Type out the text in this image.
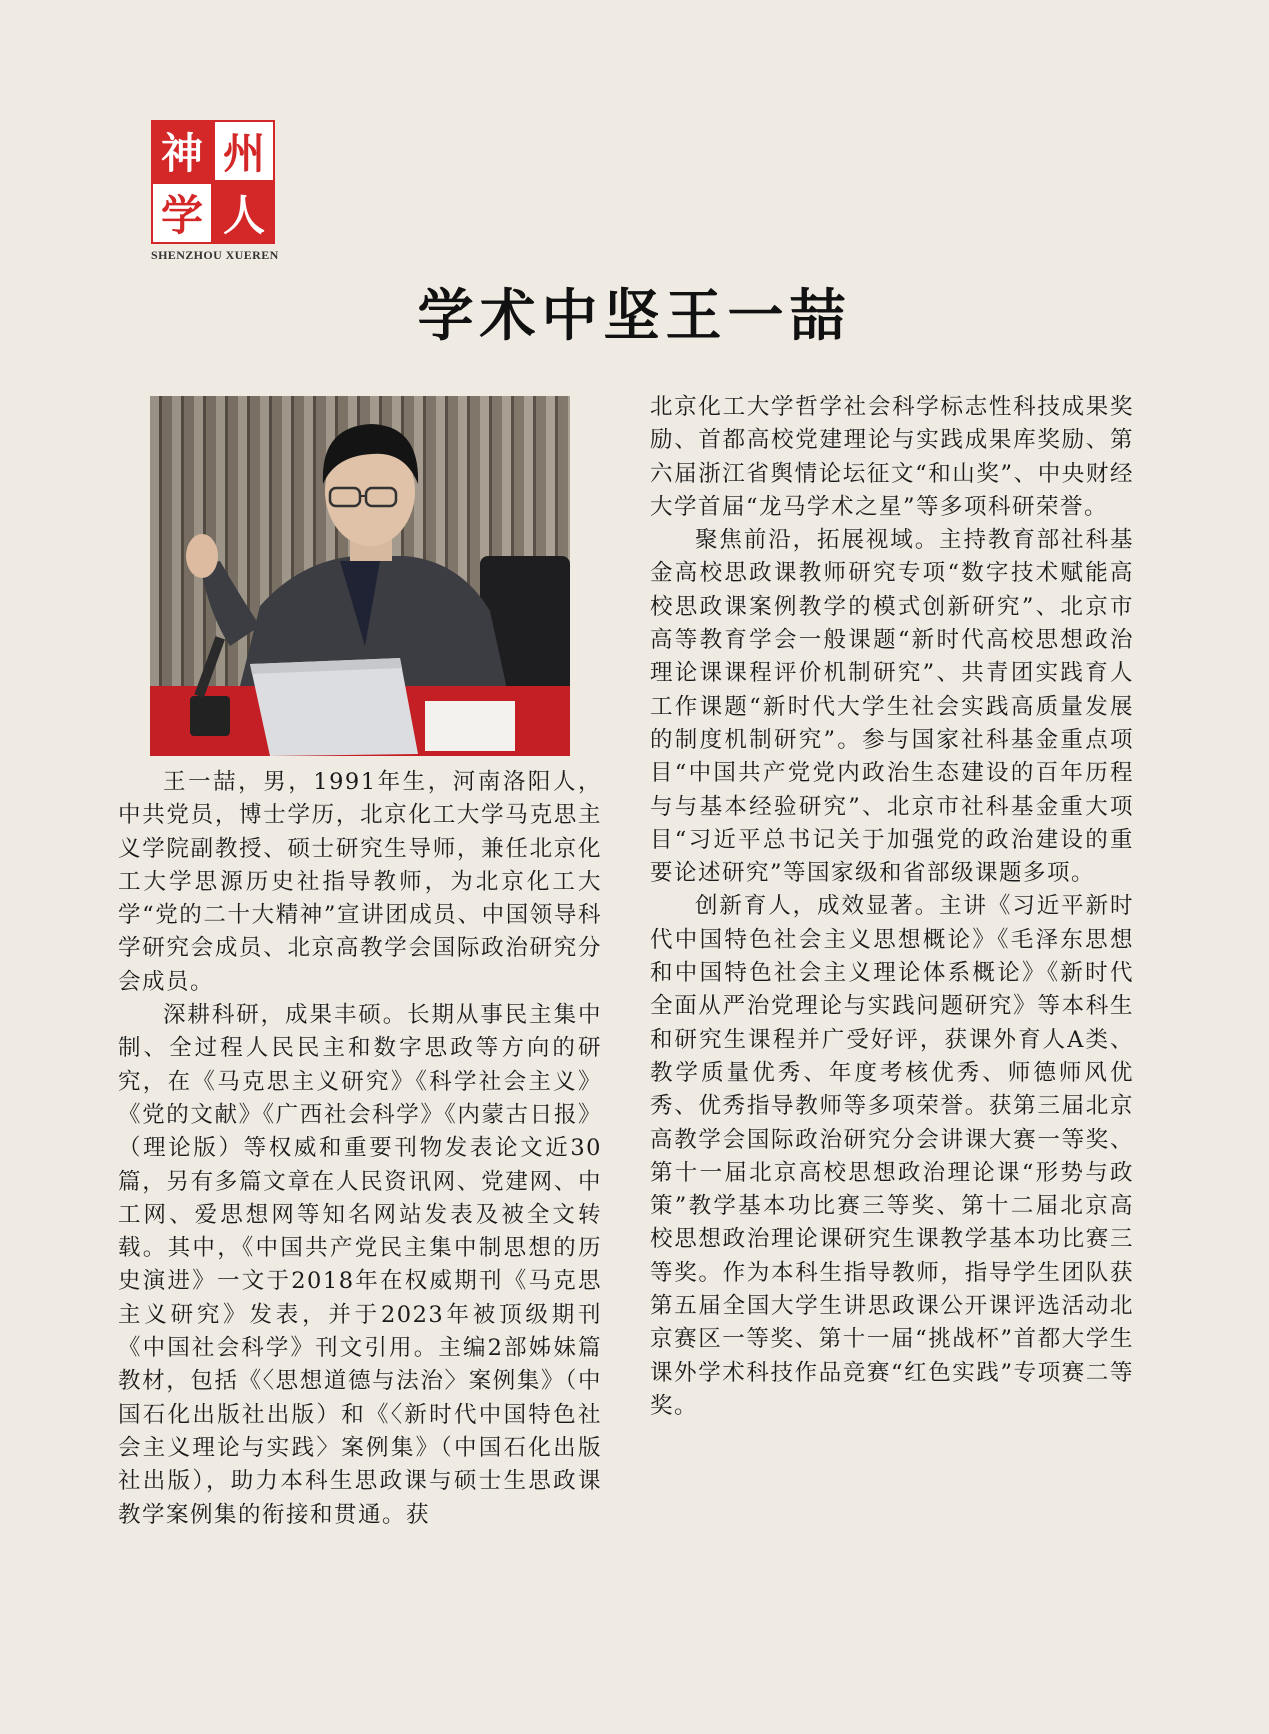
神 州
学 人
SHENZHOU XUEREN
学术中坚王一喆

王一喆，男，1991年生，河南洛阳人，中共党员，博士学历，北京化工大学马克思主义学院副教授、硕士研究生导师，兼任北京化工大学思源历史社指导教师，为北京化工大学“党的二十大精神”宣讲团成员、中国领导科学研究会成员、北京高教学会国际政治研究分会成员。

深耕科研，成果丰硕。长期从事民主集中制、全过程人民民主和数字思政等方向的研究，在《马克思主义研究》《科学社会主义》《党的文献》《广西社会科学》《内蒙古日报》（理论版）等权威和重要刊物发表论文近30篇，另有多篇文章在人民资讯网、党建网、中工网、爱思想网等知名网站发表及被全文转载。其中，《中国共产党民主集中制思想的历史演进》一文于2018年在权威期刊《马克思主义研究》发表，并于2023年被顶级期刊《中国社会科学》刊文引用。主编2部姊妹篇教材，包括《〈思想道德与法治〉案例集》（中国石化出版社出版）和《〈新时代中国特色社会主义理论与实践〉案例集》（中国石化出版社出版），助力本科生思政课与硕士生思政课教学案例集的衔接和贯通。获

北京化工大学哲学社会科学标志性科技成果奖励、首都高校党建理论与实践成果库奖励、第六届浙江省舆情论坛征文“和山奖”、中央财经大学首届“龙马学术之星”等多项科研荣誉。

聚焦前沿，拓展视域。主持教育部社科基金高校思政课教师研究专项“数字技术赋能高校思政课案例教学的模式创新研究”、北京市高等教育学会一般课题“新时代高校思想政治理论课课程评价机制研究”、共青团实践育人工作课题“新时代大学生社会实践高质量发展的制度机制研究”。参与国家社科基金重点项目“中国共产党党内政治生态建设的百年历程与与基本经验研究”、北京市社科基金重大项目“习近平总书记关于加强党的政治建设的重要论述研究”等国家级和省部级课题多项。

创新育人，成效显著。主讲《习近平新时代中国特色社会主义思想概论》《毛泽东思想和中国特色社会主义理论体系概论》《新时代全面从严治党理论与实践问题研究》等本科生和研究生课程并广受好评，获课外育人A类、教学质量优秀、年度考核优秀、师德师风优秀、优秀指导教师等多项荣誉。获第三届北京高教学会国际政治研究分会讲课大赛一等奖、第十一届北京高校思想政治理论课“形势与政策”教学基本功比赛三等奖、第十二届北京高校思想政治理论课研究生课教学基本功比赛三等奖。作为本科生指导教师，指导学生团队获第五届全国大学生讲思政课公开课评选活动北京赛区一等奖、第十一届“挑战杯”首都大学生课外学术科技作品竞赛“红色实践”专项赛二等奖。
